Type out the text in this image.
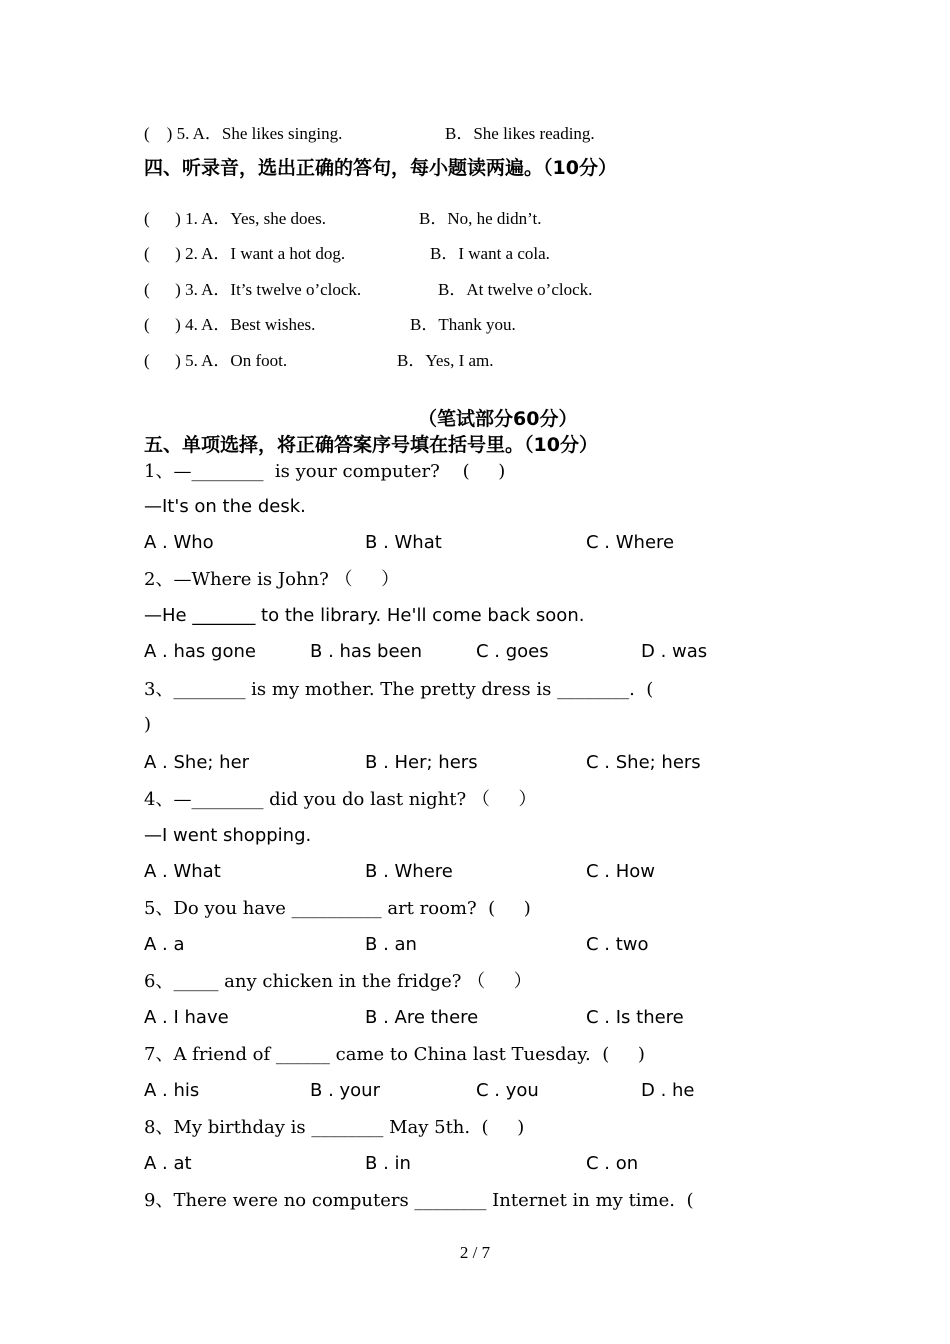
(    ) 5. A．She likes singing.	B．She likes reading.
四、听录音，选出正确的答句，每小题读两遍。（10分）
(      ) 1. A．Yes, she does.	B．No, he didn’t.
(      ) 2. A．I want a hot dog.	B．I want a cola.
(      ) 3. A．It’s twelve o’clock.	B．At twelve o’clock.
(      ) 4. A．Best wishes.	B．Thank you.
(      ) 5. A．On foot.	B．Yes, I am.
（笔试部分60分）
五、单项选择，将正确答案序号填在括号里。（10分）
1、—________  is your computer?    (     )
—It's on the desk.
A . Who	B . What	C . Where
2、—Where is John? （     ）
—He _______ to the library. He'll come back soon.
A . has gone	B . has been	C . goes	D . was
3、________ is my mother. The pretty dress is ________.  (
)
A . She; her	B . Her; hers	C . She; hers
4、—________ did you do last night? （     ）
—I went shopping.
A . What	B . Where	C . How
5、Do you have __________ art room?  (     )
A . a	B . an	C . two
6、_____ any chicken in the fridge? （     ）
A . I have	B . Are there	C . Is there
7、A friend of ______ came to China last Tuesday.  (     )
A . his	B . your	C . you	D . he
8、My birthday is ________ May 5th.  (     )
A . at	B . in	C . on
9、There were no computers ________ Internet in my time.  (
2 / 7
